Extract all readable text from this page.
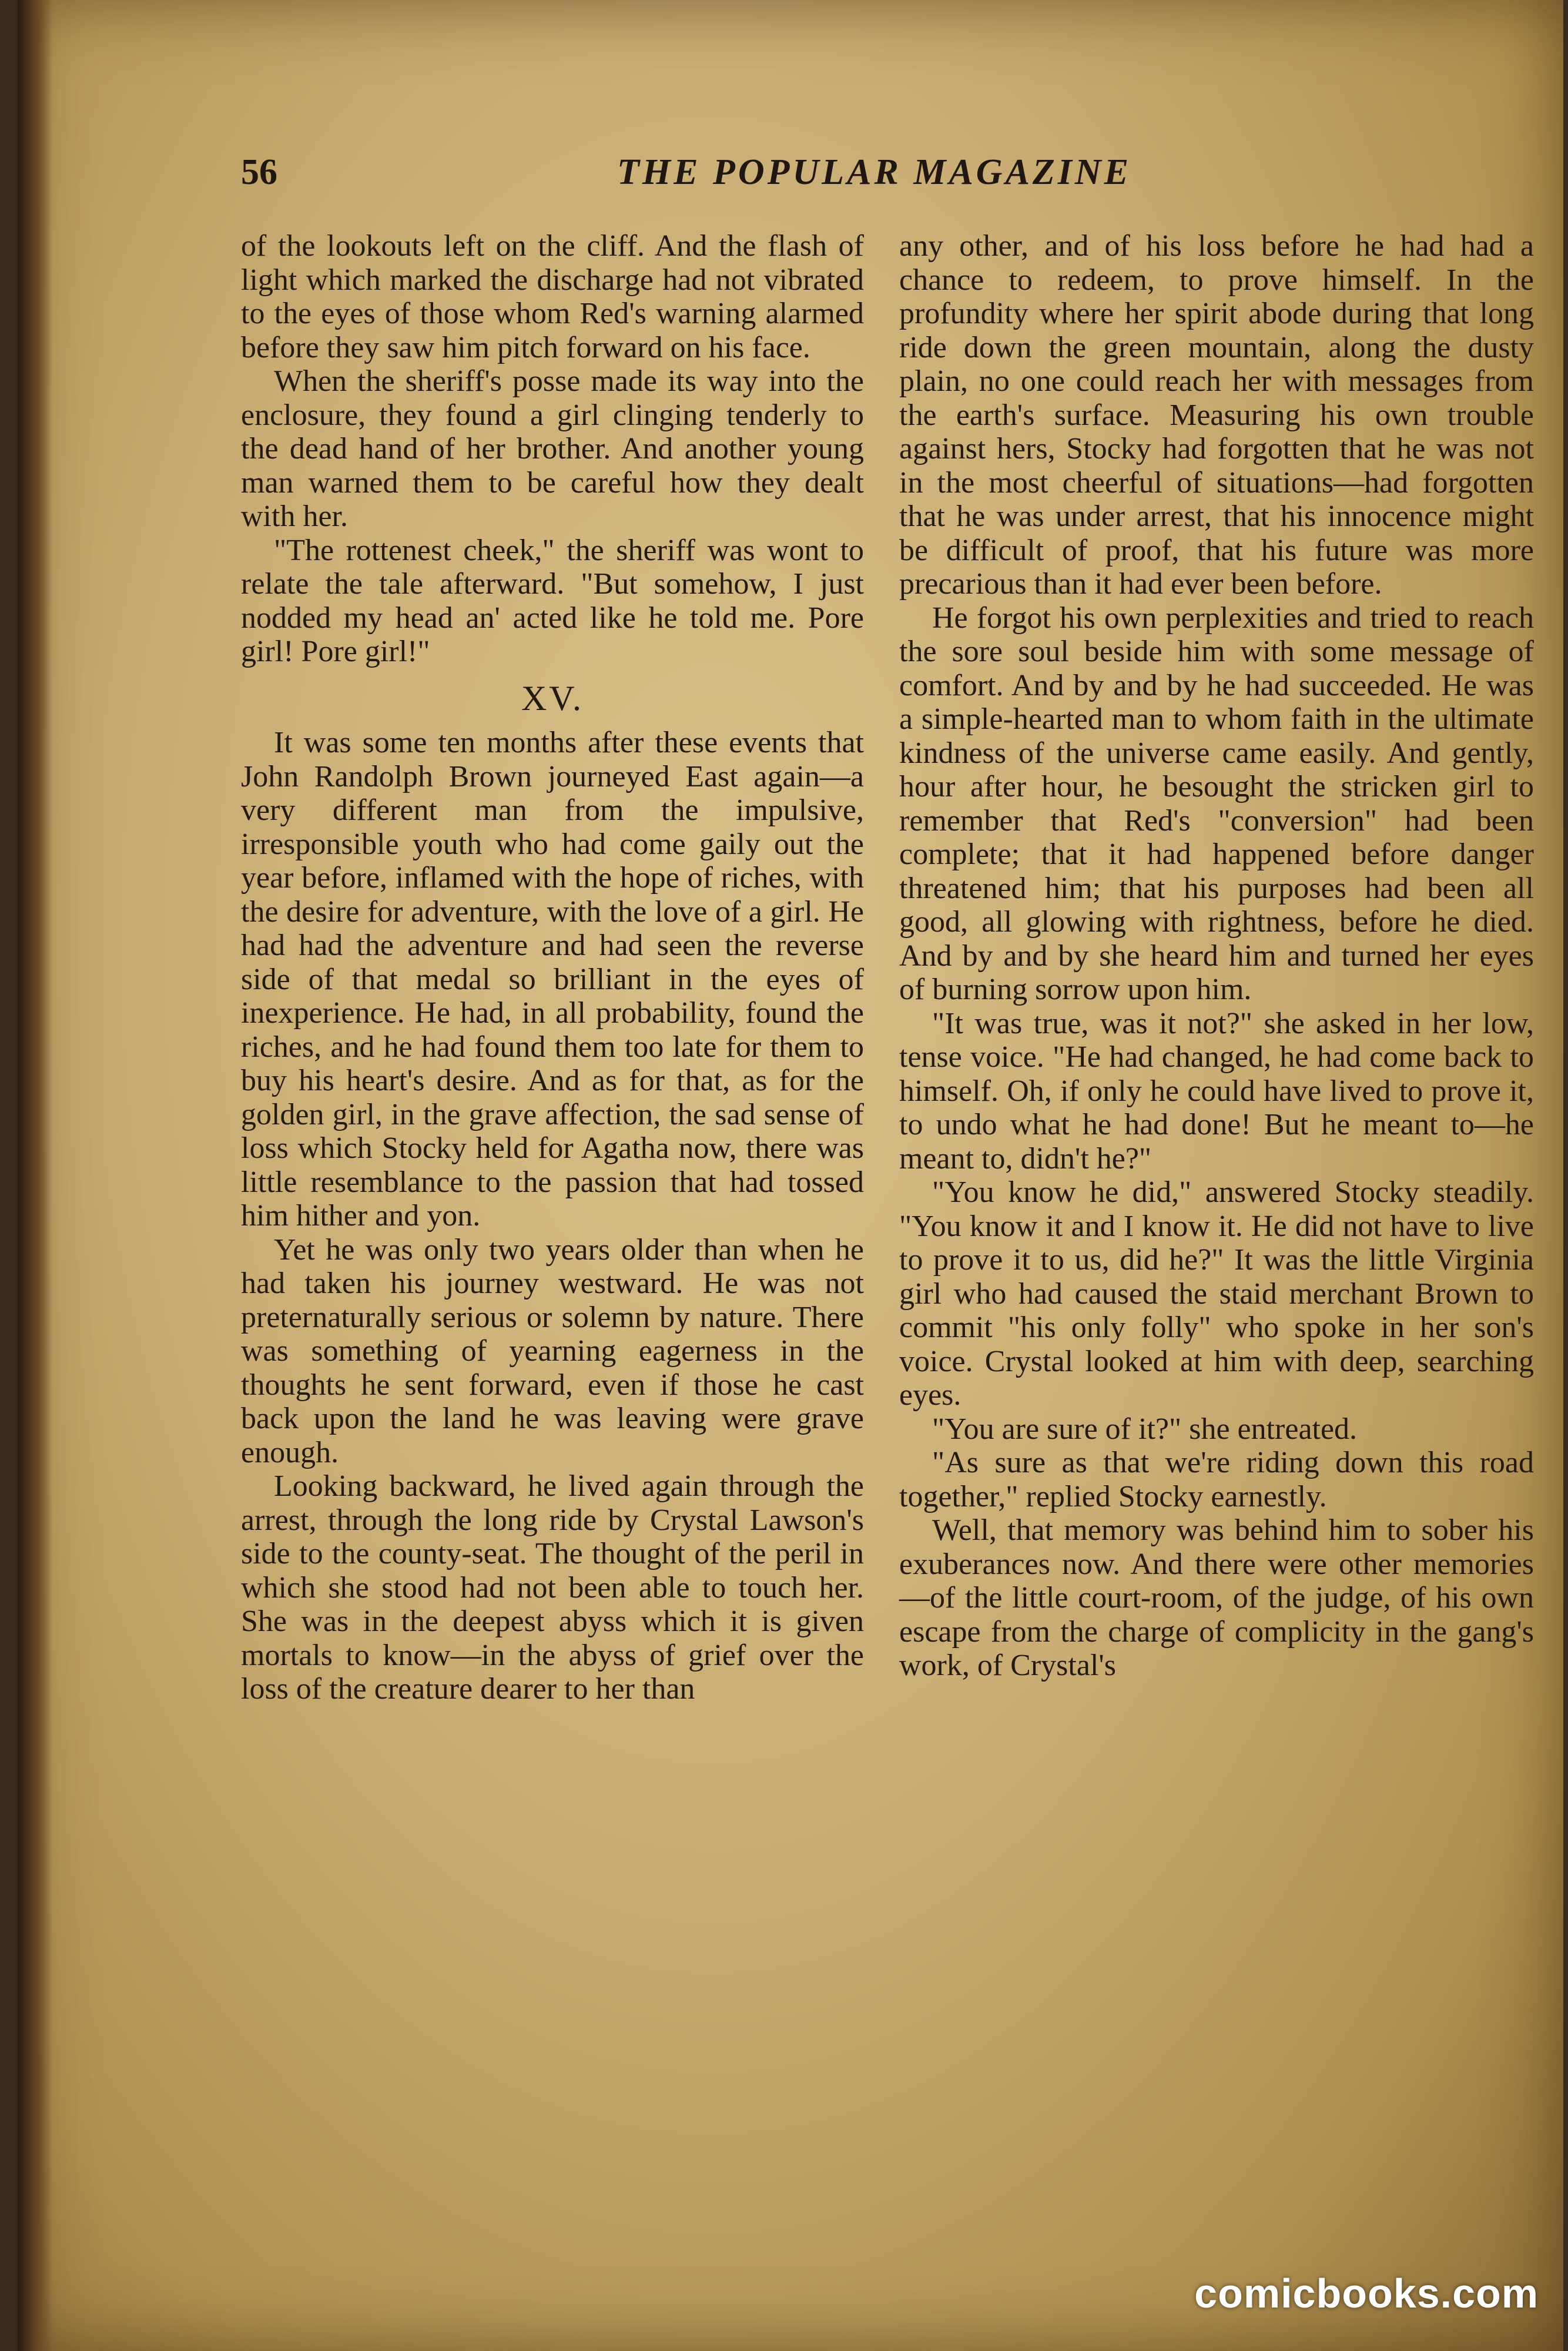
56	THE POPULAR MAGAZINE

of the lookouts left on the cliff. And the flash of light which marked the discharge had not vibrated to the eyes of those whom Red's warning alarmed before they saw him pitch forward on his face.

When the sheriff's posse made its way into the enclosure, they found a girl clinging tenderly to the dead hand of her brother. And another young man warned them to be careful how they dealt with her.

"The rottenest cheek," the sheriff was wont to relate the tale afterward. "But somehow, I just nodded my head an' acted like he told me. Pore girl! Pore girl!"

XV.

It was some ten months after these events that John Randolph Brown journeyed East again—a very different man from the impulsive, irresponsible youth who had come gaily out the year before, inflamed with the hope of riches, with the desire for adventure, with the love of a girl. He had had the adventure and had seen the reverse side of that medal so brilliant in the eyes of inexperience. He had, in all probability, found the riches, and he had found them too late for them to buy his heart's desire. And as for that, as for the golden girl, in the grave affection, the sad sense of loss which Stocky held for Agatha now, there was little resemblance to the passion that had tossed him hither and yon.

Yet he was only two years older than when he had taken his journey westward. He was not preternaturally serious or solemn by nature. There was something of yearning eagerness in the thoughts he sent forward, even if those he cast back upon the land he was leaving were grave enough.

Looking backward, he lived again through the arrest, through the long ride by Crystal Lawson's side to the county-seat. The thought of the peril in which she stood had not been able to touch her. She was in the deepest abyss which it is given mortals to know—in the abyss of grief over the loss of the creature dearer to her than

any other, and of his loss before he had had a chance to redeem, to prove himself. In the profundity where her spirit abode during that long ride down the green mountain, along the dusty plain, no one could reach her with messages from the earth's surface. Measuring his own trouble against hers, Stocky had forgotten that he was not in the most cheerful of situations—had forgotten that he was under arrest, that his innocence might be difficult of proof, that his future was more precarious than it had ever been before.

He forgot his own perplexities and tried to reach the sore soul beside him with some message of comfort. And by and by he had succeeded. He was a simple-hearted man to whom faith in the ultimate kindness of the universe came easily. And gently, hour after hour, he besought the stricken girl to remember that Red's "conversion" had been complete; that it had happened before danger threatened him; that his purposes had been all good, all glowing with rightness, before he died. And by and by she heard him and turned her eyes of burning sorrow upon him.

"It was true, was it not?" she asked in her low, tense voice. "He had changed, he had come back to himself. Oh, if only he could have lived to prove it, to undo what he had done! But he meant to—he meant to, didn't he?"

"You know he did," answered Stocky steadily. "You know it and I know it. He did not have to live to prove it to us, did he?" It was the little Virginia girl who had caused the staid merchant Brown to commit "his only folly" who spoke in her son's voice. Crystal looked at him with deep, searching eyes.

"You are sure of it?" she entreated.

"As sure as that we're riding down this road together," replied Stocky earnestly.

Well, that memory was behind him to sober his exuberances now. And there were other memories—of the little court-room, of the judge, of his own escape from the charge of complicity in the gang's work, of Crystal's

comicbooks.com
